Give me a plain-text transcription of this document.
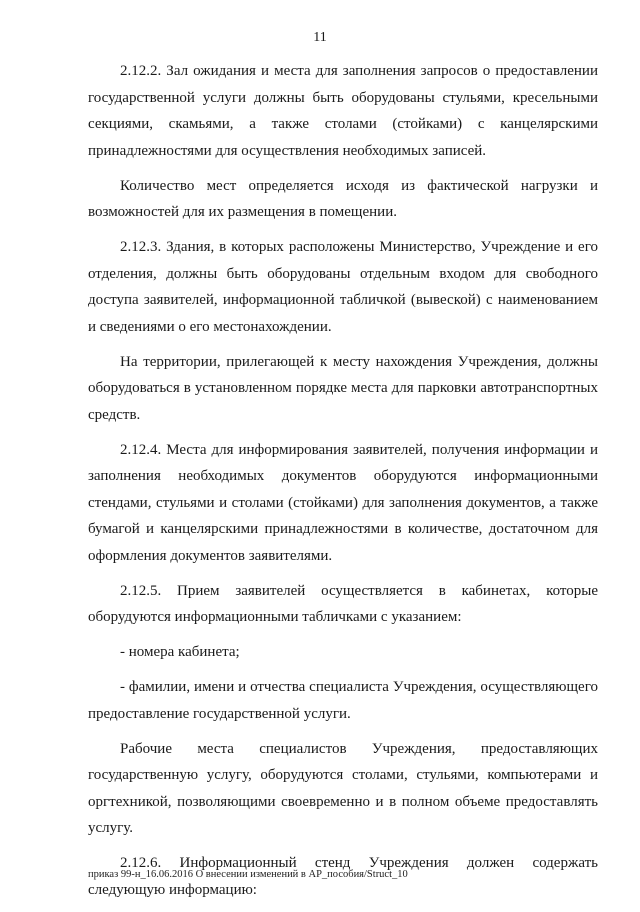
11

2.12.2. Зал ожидания и места для заполнения запросов о предоставлении государственной услуги должны быть оборудованы стульями, кресельными секциями, скамьями, а также столами (стойками) с канцелярскими принадлежностями для осуществления необходимых записей.

Количество мест определяется исходя из фактической нагрузки и возможностей для их размещения в помещении.

2.12.3. Здания, в которых расположены Министерство, Учреждение и его отделения, должны быть оборудованы отдельным входом для свободного доступа заявителей, информационной табличкой (вывеской) с наименованием и сведениями о его местонахождении.

На территории, прилегающей к месту нахождения Учреждения, должны оборудоваться в установленном порядке места для парковки автотранспортных средств.

2.12.4. Места для информирования заявителей, получения информации и заполнения необходимых документов оборудуются информационными стендами, стульями и столами (стойками) для заполнения документов, а также бумагой и канцелярскими принадлежностями в количестве, достаточном для оформления документов заявителями.

2.12.5. Прием заявителей осуществляется в кабинетах, которые оборудуются информационными табличками с указанием:

- номера кабинета;

- фамилии, имени и отчества специалиста Учреждения, осуществляющего предоставление государственной услуги.

Рабочие места специалистов Учреждения, предоставляющих государственную услугу, оборудуются столами, стульями, компьютерами и оргтехникой, позволяющими своевременно и в полном объеме предоставлять услугу.

2.12.6. Информационный стенд Учреждения должен содержать следующую информацию:

приказ 99-н_16.06.2016 О внесении изменений в АР_пособия/Struct_10
